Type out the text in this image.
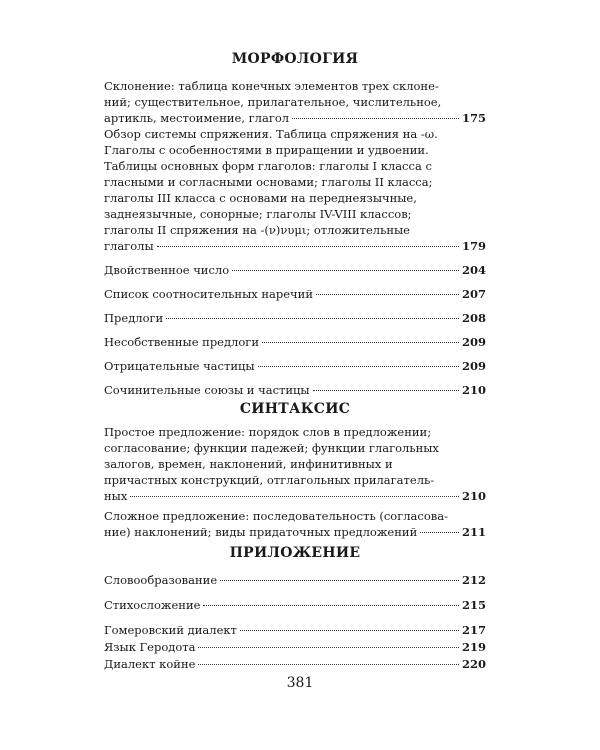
МОРФОЛОГИЯ
Склонение: таблица конечных элементов трех склоне-
ний; существительное, прилагательное, числительное,
артикль, местоимение, глагол	175
Обзор системы спряжения. Таблица спряжения на -ω.
Глаголы с особенностями в приращении и удвоении.
Таблицы основных форм глаголов: глаголы I класса с
гласными и согласными основами; глаголы II класса;
глаголы III класса с основами на переднеязычные,
заднеязычные, сонорные; глаголы IV-VIII классов;
глаголы II спряжения на -(ν)νυμι; отложительные
глаголы	179
Двойственное число	204
Список соотносительных наречий	207
Предлоги	208
Несобственные предлоги	209
Отрицательные частицы	209
Сочинительные союзы и частицы	210
СИНТАКСИС
Простое предложение: порядок слов в предложении;
согласование; функции падежей; функции глагольных
залогов, времен, наклонений, инфинитивных и
причастных конструкций, отглагольных прилагатель-
ных	210
Сложное предложение: последовательность (согласова-
ние) наклонений; виды придаточных предложений	211
ПРИЛОЖЕНИЕ
Словообразование	212
Стихосложение	215
Гомеровский диалект	217
Язык Геродота	219
Диалект койне	220
381
